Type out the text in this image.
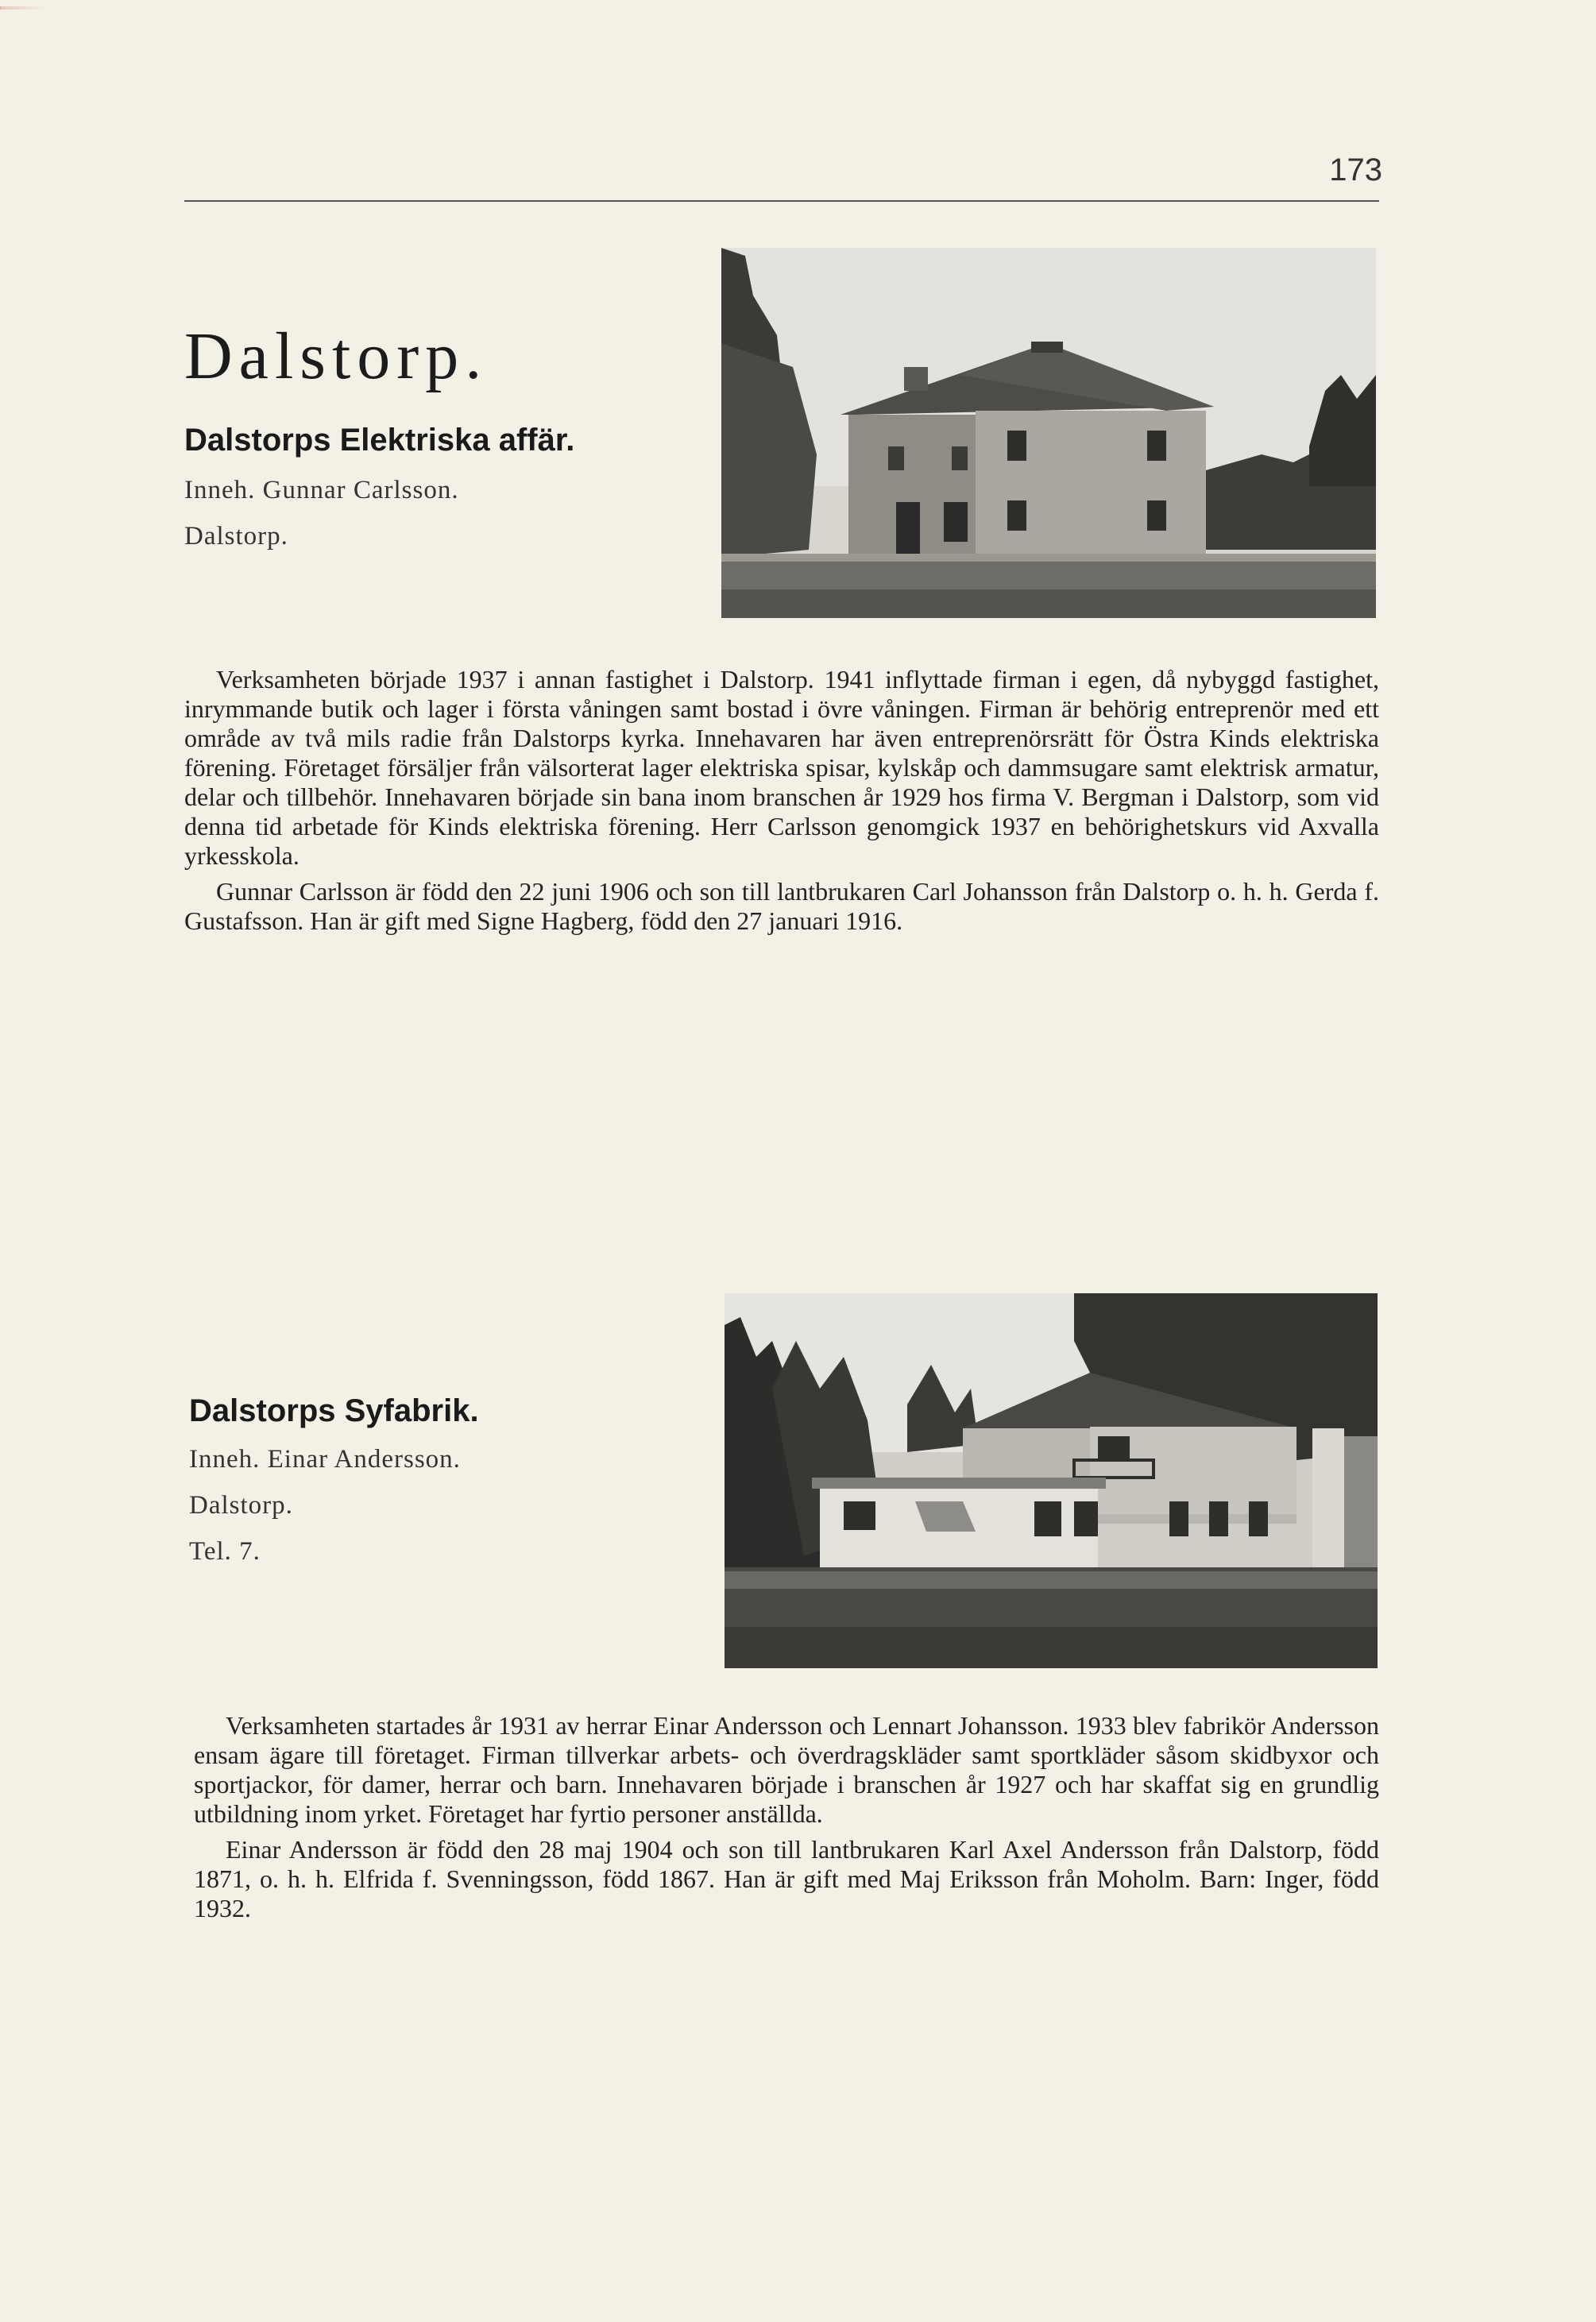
173
Dalstorp.
Dalstorps Elektriska affär.
Inneh. Gunnar Carlsson.
Dalstorp.

Verksamheten började 1937 i annan fastighet i Dalstorp. 1941 inflyttade firman i egen, då nybyggd fastighet, inrymmande butik och lager i första våningen samt bostad i övre våningen. Firman är behörig entreprenör med ett område av två mils radie från Dalstorps kyrka. Innehavaren har även entreprenörsrätt för Östra Kinds elektriska förening. Företaget försäljer från välsorterat lager elektriska spisar, kylskåp och dammsugare samt elektrisk armatur, delar och tillbehör. Innehavaren började sin bana inom branschen år 1929 hos firma V. Bergman i Dalstorp, som vid denna tid arbetade för Kinds elektriska förening. Herr Carlsson genomgick 1937 en behörighetskurs vid Axvalla yrkesskola.

Gunnar Carlsson är född den 22 juni 1906 och son till lantbrukaren Carl Johansson från Dalstorp o. h. h. Gerda f. Gustafsson. Han är gift med Signe Hagberg, född den 27 januari 1916.

Dalstorps Syfabrik.
Inneh. Einar Andersson.
Dalstorp.
Tel. 7.

Verksamheten startades år 1931 av herrar Einar Andersson och Lennart Johansson. 1933 blev fabrikör Andersson ensam ägare till företaget. Firman tillverkar arbets- och överdragskläder samt sportkläder såsom skidbyxor och sportjackor, för damer, herrar och barn. Innehavaren började i branschen år 1927 och har skaffat sig en grundlig utbildning inom yrket. Företaget har fyrtio personer anställda.

Einar Andersson är född den 28 maj 1904 och son till lantbrukaren Karl Axel Andersson från Dalstorp, född 1871, o. h. h. Elfrida f. Svenningsson, född 1867. Han är gift med Maj Eriksson från Moholm. Barn: Inger, född 1932.
